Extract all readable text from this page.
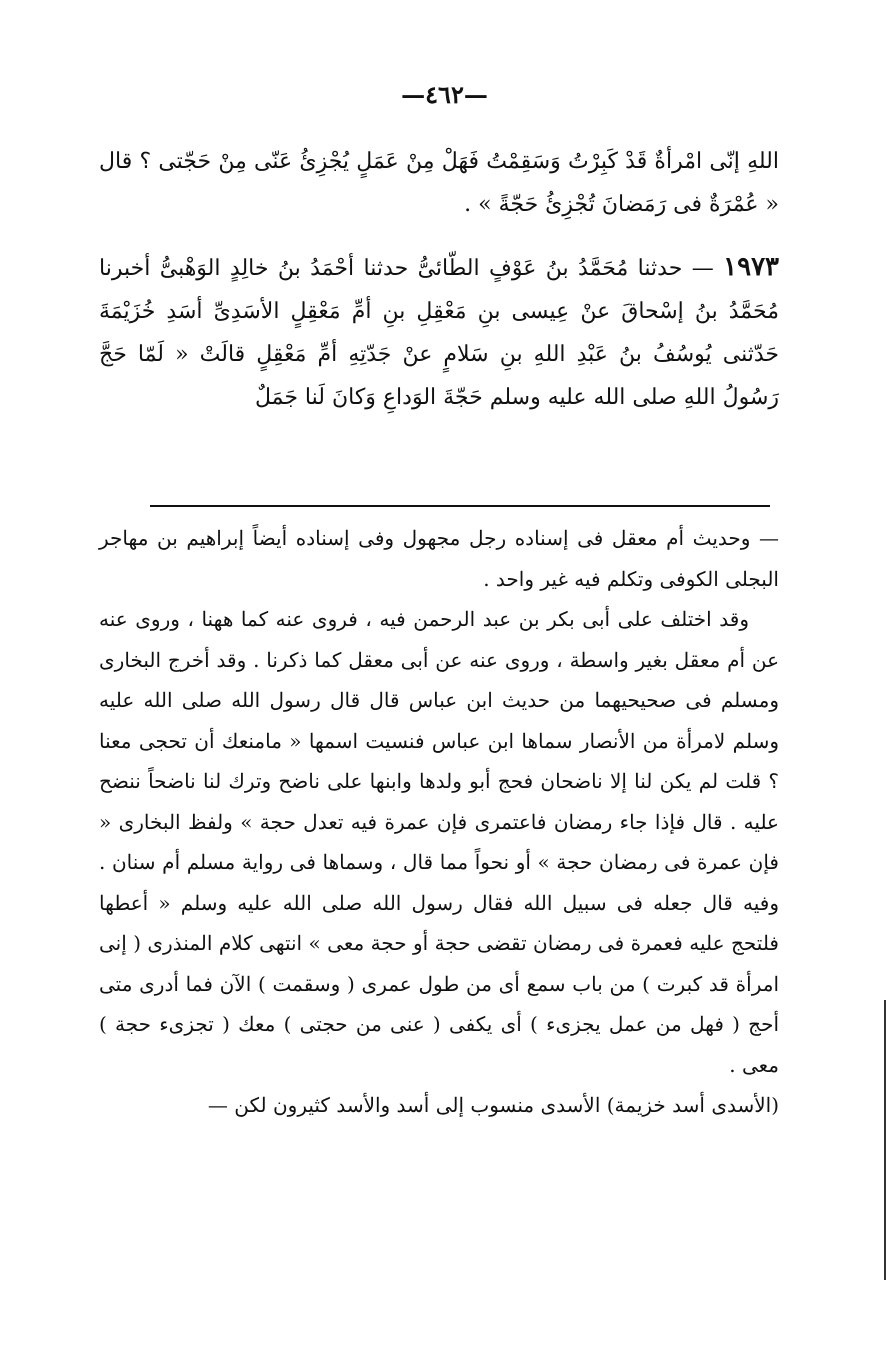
—٤٦٢—

اللهِ إنّى امْرأةٌ قَدْ كَبِرْتُ وَسَقِمْتُ فَهَلْ مِنْ عَمَلٍ يُجْزِئُ عَنّى مِنْ حَجّتى ؟ قال « عُمْرَةٌ فى رَمَضانَ تُجْزِئُ حَجّةً » .

١٩٧٣ — حدثنا مُحَمَّدُ بنُ عَوْفٍ الطّائىُّ حدثنا أحْمَدُ بنُ خالِدٍ الوَهْبىُّ أخبرنا مُحَمَّدُ بنُ إسْحاقَ عنْ عِيسى بنِ مَعْقِلِ بنِ أمِّ مَعْقِلٍ الأسَدِىِّ أسَدِ خُزَيْمَةَ حَدّثنى يُوسُفُ بنُ عَبْدِ اللهِ بنِ سَلامٍ عنْ جَدّتِهِ أمِّ مَعْقِلٍ قالَتْ « لَمّا حَجَّ رَسُولُ اللهِ صلى الله عليه وسلم حَجّةَ الوَداعِ وَكانَ لَنا جَمَلٌ

— وحديث أم معقل فى إسناده رجل مجهول وفى إسناده أيضاً إبراهيم بن مهاجر البجلى الكوفى وتكلم فيه غير واحد .

وقد اختلف على أبى بكر بن عبد الرحمن فيه ، فروى عنه كما ههنا ، وروى عنه عن أم معقل بغير واسطة ، وروى عنه عن أبى معقل كما ذكرنا . وقد أخرج البخارى ومسلم فى صحيحيهما من حديث ابن عباس قال قال رسول الله صلى الله عليه وسلم لامرأة من الأنصار سماها ابن عباس فنسيت اسمها « مامنعك أن تحجى معنا ؟ قلت لم يكن لنا إلا ناضحان فحج أبو ولدها وابنها على ناضح وترك لنا ناضحاً ننضح عليه . قال فإذا جاء رمضان فاعتمرى فإن عمرة فيه تعدل حجة » ولفظ البخارى « فإن عمرة فى رمضان حجة » أو نحواً مما قال ، وسماها فى رواية مسلم أم سنان . وفيه قال جعله فى سبيل الله فقال رسول الله صلى الله عليه وسلم « أعطها فلتحج عليه فعمرة فى رمضان تقضى حجة أو حجة معى » انتهى كلام المنذرى ( إنى امرأة قد كبرت ) من باب سمع أى من طول عمرى ( وسقمت ) الآن فما أدرى متى أحج ( فهل من عمل يجزىء ) أى يكفى ( عنى من حجتى ) معك ( تجزىء حجة ) معى .

(الأسدى أسد خزيمة) الأسدى منسوب إلى أسد والأسد كثيرون لكن —
